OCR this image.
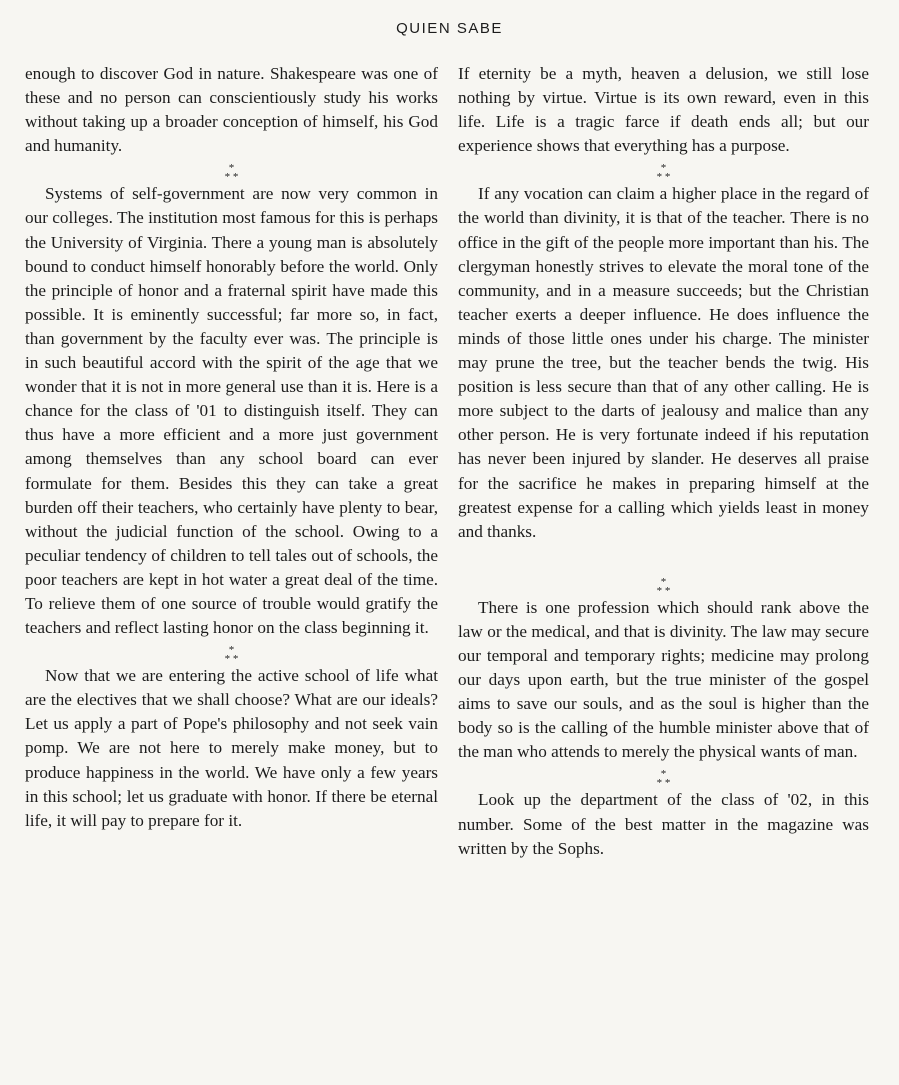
QUIEN SABE

enough to discover God in nature. Shakespeare was one of these and no person can conscientiously study his works without taking up a broader conception of himself, his God and humanity.

*
* *

Systems of self-government are now very common in our colleges. The institution most famous for this is perhaps the University of Virginia. There a young man is absolutely bound to conduct himself honorably before the world. Only the principle of honor and a fraternal spirit have made this possible. It is eminently successful; far more so, in fact, than government by the faculty ever was. The principle is in such beautiful accord with the spirit of the age that we wonder that it is not in more general use than it is. Here is a chance for the class of '01 to distinguish itself. They can thus have a more efficient and a more just government among themselves than any school board can ever formulate for them. Besides this they can take a great burden off their teachers, who certainly have plenty to bear, without the judicial function of the school. Owing to a peculiar tendency of children to tell tales out of schools, the poor teachers are kept in hot water a great deal of the time. To relieve them of one source of trouble would gratify the teachers and reflect lasting honor on the class beginning it.

*
* *

Now that we are entering the active school of life what are the electives that we shall choose? What are our ideals? Let us apply a part of Pope's philosophy and not seek vain pomp. We are not here to merely make money, but to produce happiness in the world. We have only a few years in this school; let us graduate with honor. If there be eternal life, it will pay to prepare for it.

If eternity be a myth, heaven a delusion, we still lose nothing by virtue. Virtue is its own reward, even in this life. Life is a tragic farce if death ends all; but our experience shows that everything has a purpose.

*
* *

If any vocation can claim a higher place in the regard of the world than divinity, it is that of the teacher. There is no office in the gift of the people more important than his. The clergyman honestly strives to elevate the moral tone of the community, and in a measure succeeds; but the Christian teacher exerts a deeper influence. He does influence the minds of those little ones under his charge. The minister may prune the tree, but the teacher bends the twig. His position is less secure than that of any other calling. He is more subject to the darts of jealousy and malice than any other person. He is very fortunate indeed if his reputation has never been injured by slander. He deserves all praise for the sacrifice he makes in preparing himself at the greatest expense for a calling which yields least in money and thanks.

*
* *

There is one profession which should rank above the law or the medical, and that is divinity. The law may secure our temporal and temporary rights; medicine may prolong our days upon earth, but the true minister of the gospel aims to save our souls, and as the soul is higher than the body so is the calling of the humble minister above that of the man who attends to merely the physical wants of man.

*
* *

Look up the department of the class of '02, in this number. Some of the best matter in the magazine was written by the Sophs.
